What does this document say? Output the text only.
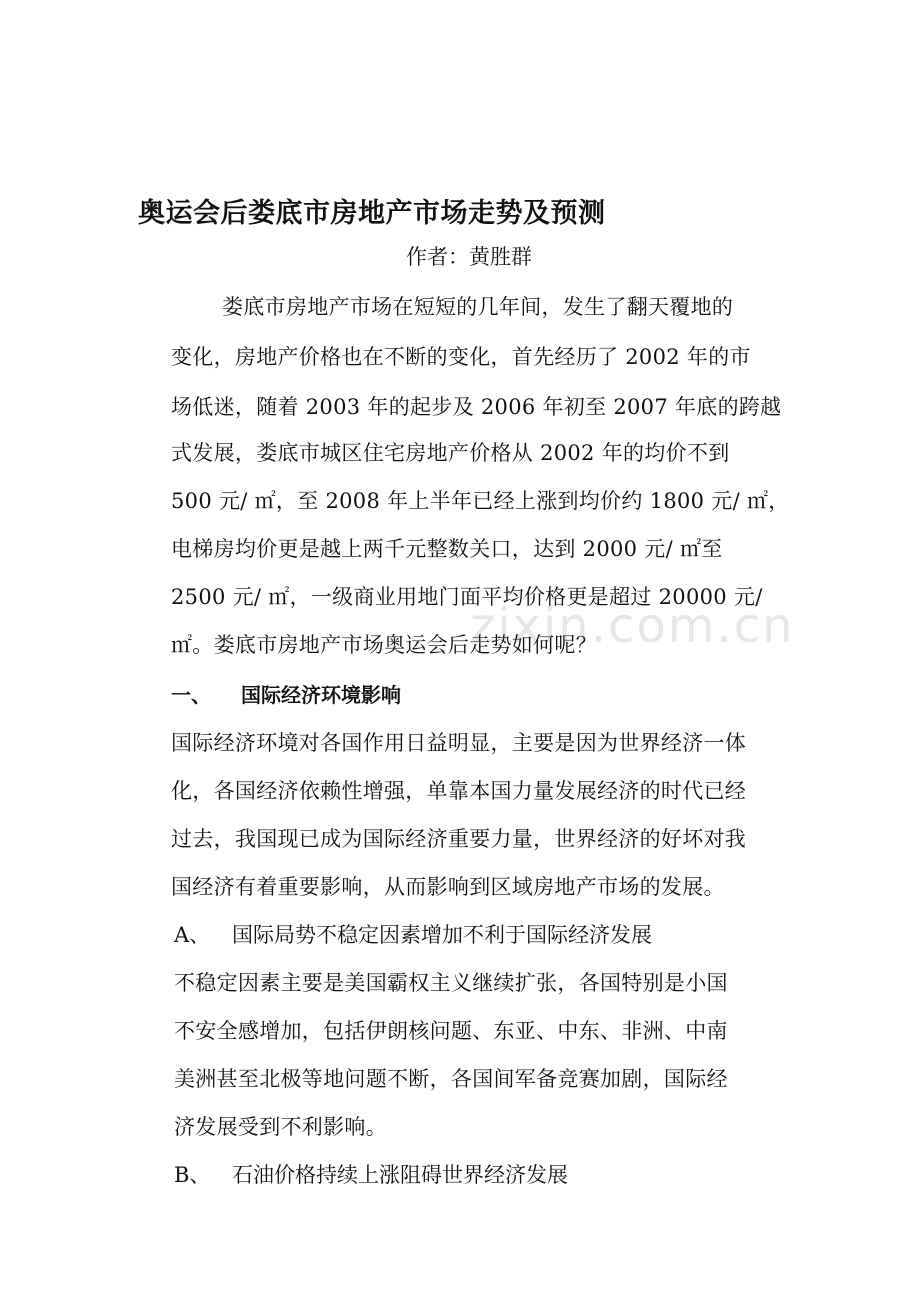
奥运会后娄底市房地产市场走势及预测
作者：黄胜群
娄底市房地产市场在短短的几年间，发生了翻天覆地的
变化，房地产价格也在不断的变化，首先经历了 2002 年的市
场低迷，随着 2003 年的起步及 2006 年初至 2007 年底的跨越
式发展，娄底市城区住宅房地产价格从 2002 年的均价不到
500 元/ ㎡，至 2008 年上半年已经上涨到均价约 1800 元/ ㎡，
电梯房均价更是越上两千元整数关口，达到 2000 元/ ㎡至
2500 元/ ㎡，一级商业用地门面平均价格更是超过 20000 元/
㎡。娄底市房地产市场奥运会后走势如何呢？
一、 国际经济环境影响
国际经济环境对各国作用日益明显，主要是因为世界经济一体
化，各国经济依赖性增强，单靠本国力量发展经济的时代已经
过去，我国现已成为国际经济重要力量，世界经济的好坏对我
国经济有着重要影响，从而影响到区域房地产市场的发展。
A、 国际局势不稳定因素增加不利于国际经济发展
不稳定因素主要是美国霸权主义继续扩张，各国特别是小国
不安全感增加，包括伊朗核问题、东亚、中东、非洲、中南
美洲甚至北极等地问题不断，各国间军备竞赛加剧，国际经
济发展受到不利影响。
B、 石油价格持续上涨阻碍世界经济发展
zixin.com.cn
